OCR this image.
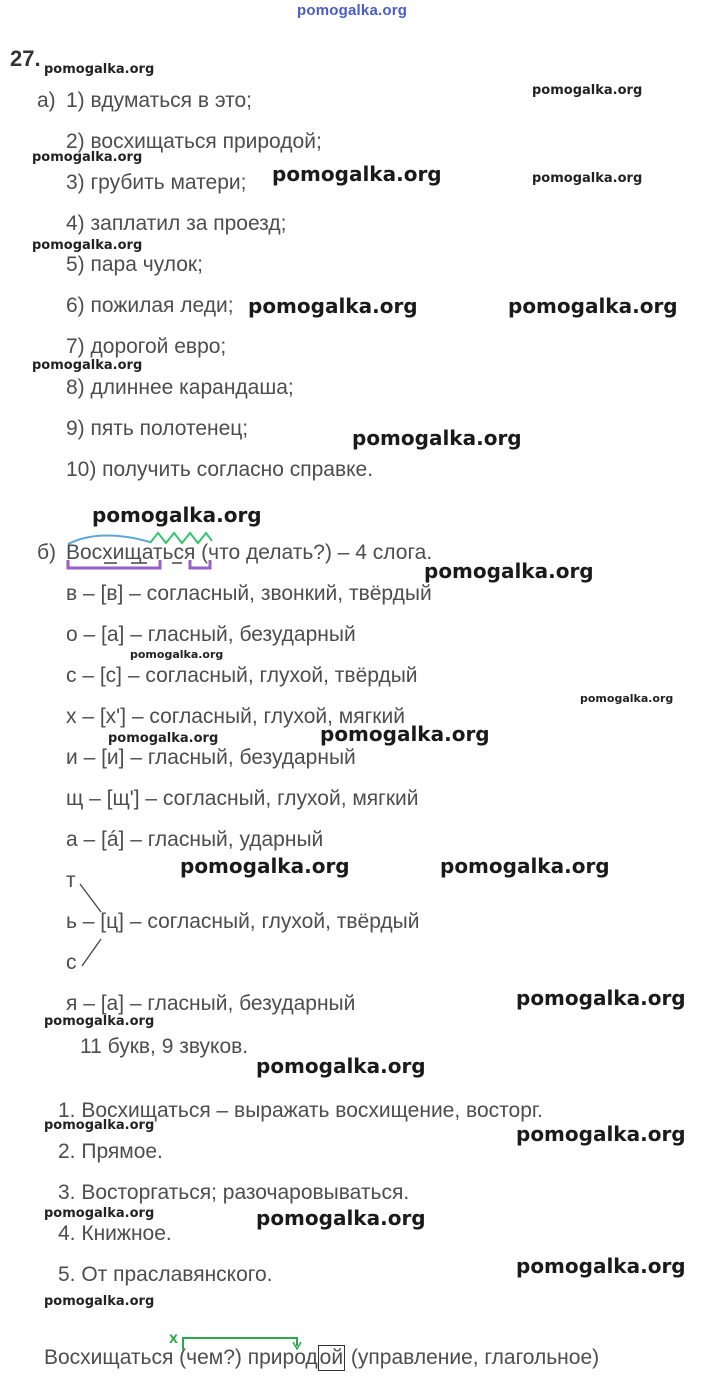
pomogalka.org
27.
а) 1) вдуматься в это;
2) восхищаться природой;
3) грубить матери;
4) заплатил за проезд;
5) пара чулок;
6) пожилая леди;
7) дорогой евро;
8) длиннее карандаша;
9) пять полотенец;
10) получить согласно справке.
б) Восхищаться (что делать?) – 4 слога.
в – [в] – согласный, звонкий, твёрдый
о – [а] – гласный, безударный
с – [с] – согласный, глухой, твёрдый
х – [х'] – согласный, глухой, мягкий
и – [и] – гласный, безударный
щ – [щ'] – согласный, глухой, мягкий
а – [á] – гласный, ударный
т
ь – [ц] – согласный, глухой, твёрдый
с
я – [а] – гласный, безударный
11 букв, 9 звуков.
1. Восхищаться – выражать восхищение, восторг.
2. Прямое.
3. Восторгаться; разочаровываться.
4. Книжное.
5. От праславянского.
Восхищаться (чем?) природой (управление, глагольное)
х
pomogalka.org
pomogalka.org
pomogalka.org
pomogalka.org	pomogalka.org
pomogalka.org
pomogalka.org	pomogalka.org
pomogalka.org
pomogalka.org
pomogalka.org
pomogalka.org
pomogalka.org
pomogalka.org
pomogalka.org	pomogalka.org
pomogalka.org	pomogalka.org
pomogalka.org
pomogalka.org
pomogalka.org
pomogalka.org	pomogalka.org
pomogalka.org	pomogalka.org
pomogalka.org
pomogalka.org
